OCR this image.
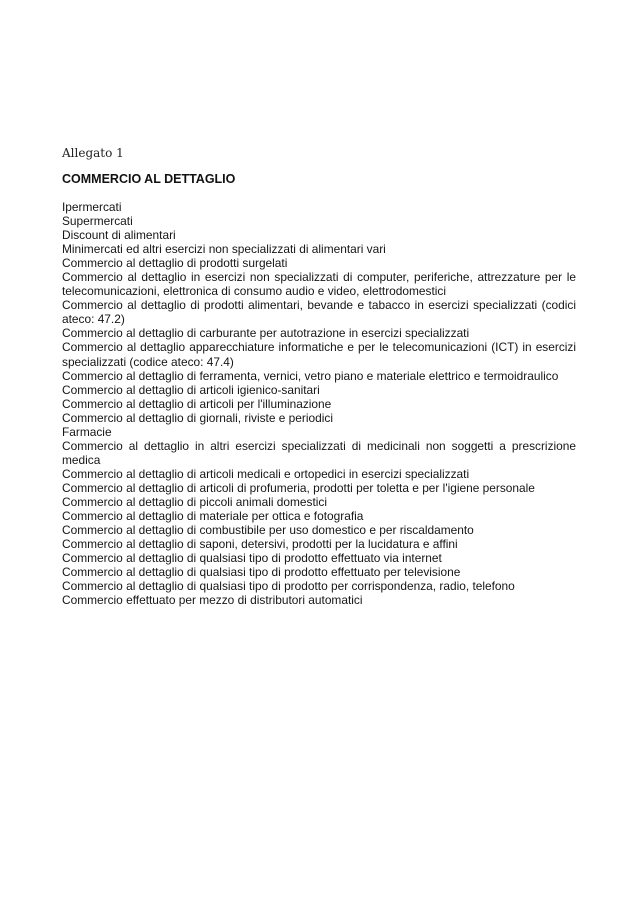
Allegato 1
COMMERCIO AL DETTAGLIO
Ipermercati
Supermercati
Discount di alimentari
Minimercati ed altri esercizi non specializzati di alimentari vari
Commercio al dettaglio di prodotti surgelati
Commercio al dettaglio in esercizi non specializzati di computer, periferiche, attrezzature per le telecomunicazioni, elettronica di consumo audio e video, elettrodomestici
Commercio al dettaglio di prodotti alimentari, bevande e tabacco in esercizi specializzati (codici ateco: 47.2)
Commercio al dettaglio di carburante per autotrazione in esercizi specializzati
Commercio al dettaglio apparecchiature informatiche e per le telecomunicazioni (ICT) in esercizi specializzati (codice ateco: 47.4)
Commercio al dettaglio di ferramenta, vernici, vetro piano e materiale elettrico e termoidraulico
Commercio al dettaglio di articoli igienico-sanitari
Commercio al dettaglio di articoli per l'illuminazione
Commercio al dettaglio di giornali, riviste e periodici
Farmacie
Commercio al dettaglio in altri esercizi specializzati di medicinali non soggetti a prescrizione medica
Commercio al dettaglio di articoli medicali e ortopedici in esercizi specializzati
Commercio al dettaglio di articoli di profumeria, prodotti per toletta e per l'igiene personale
Commercio al dettaglio di piccoli animali domestici
Commercio al dettaglio di materiale per ottica e fotografia
Commercio al dettaglio di combustibile per uso domestico e per riscaldamento
Commercio al dettaglio di saponi, detersivi, prodotti per la lucidatura e affini
Commercio al dettaglio di qualsiasi tipo di prodotto effettuato via internet
Commercio al dettaglio di qualsiasi tipo di prodotto effettuato per televisione
Commercio al dettaglio di qualsiasi tipo di prodotto per corrispondenza, radio, telefono
Commercio effettuato per mezzo di distributori automatici
